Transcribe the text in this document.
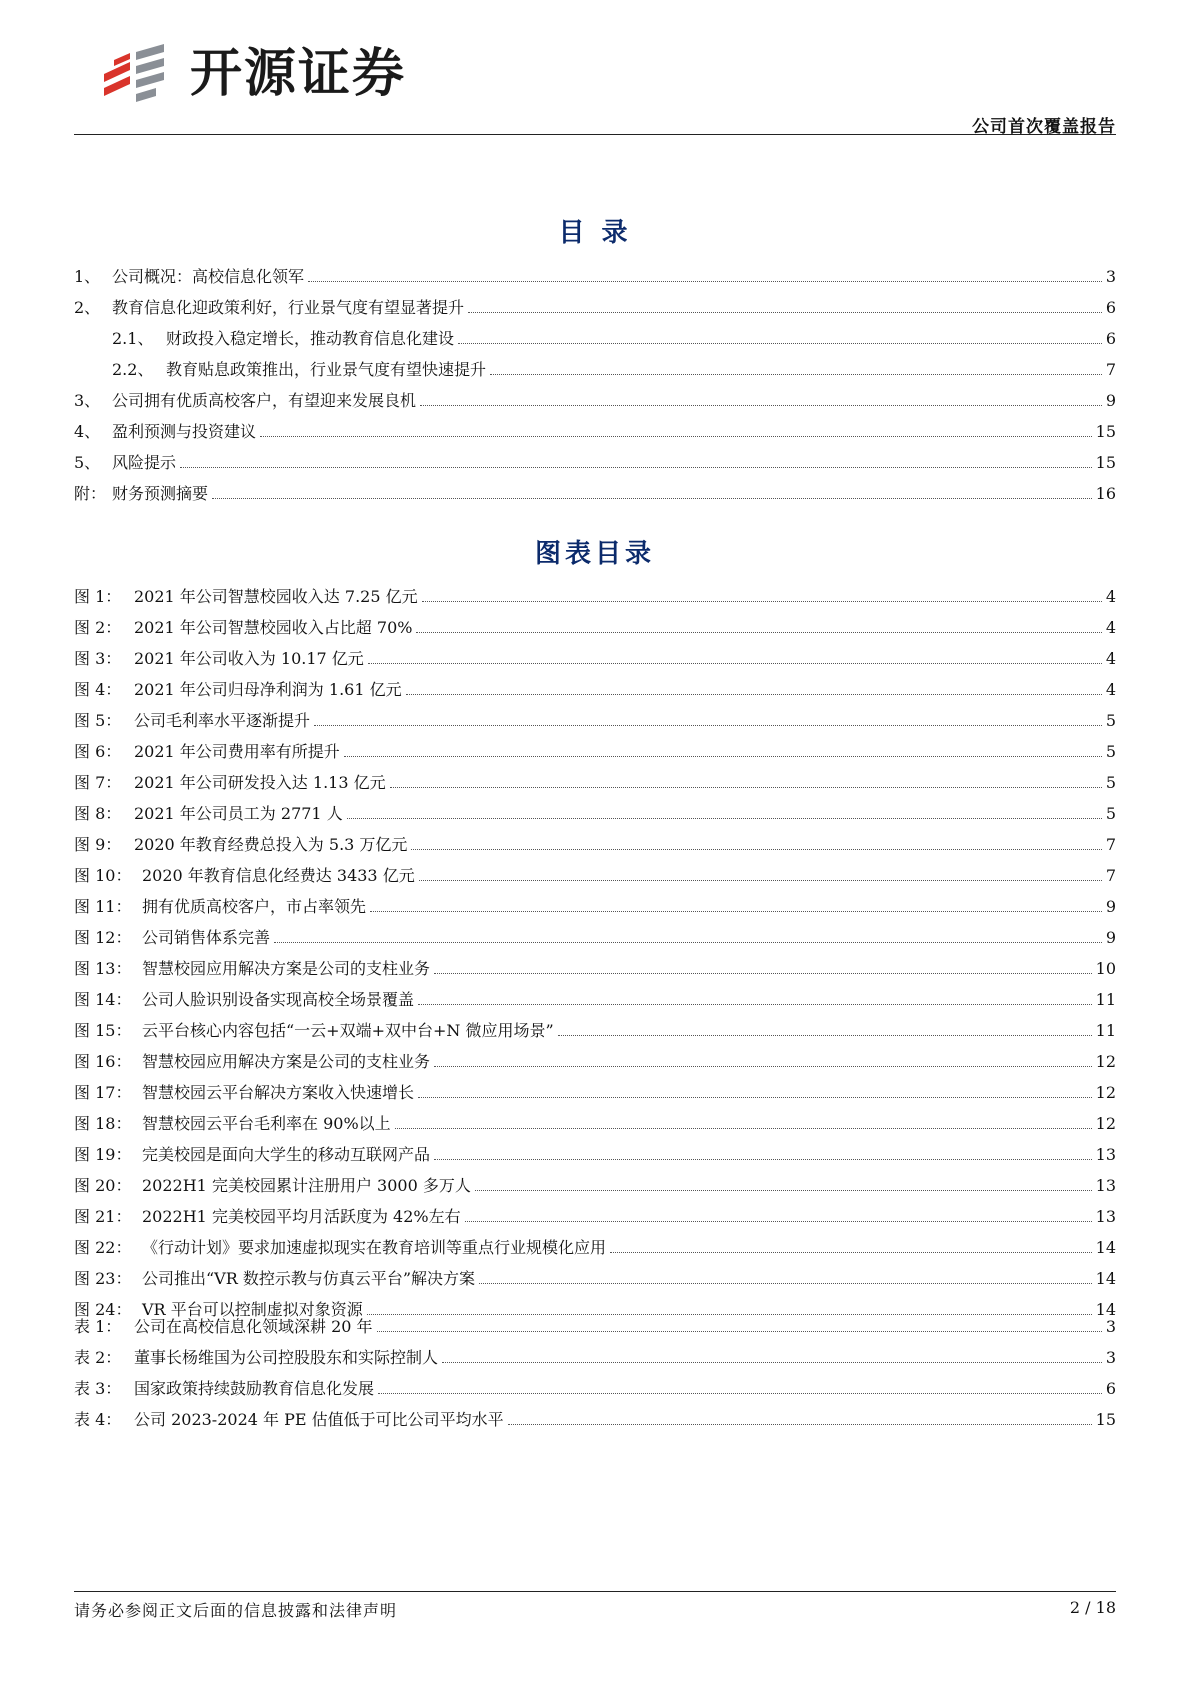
开源证券
公司首次覆盖报告
目 录
1、 公司概况：高校信息化领军	3
2、 教育信息化迎政策利好，行业景气度有望显著提升	6
2.1、 财政投入稳定增长，推动教育信息化建设	6
2.2、 教育贴息政策推出，行业景气度有望快速提升	7
3、 公司拥有优质高校客户，有望迎来发展良机	9
4、 盈利预测与投资建议	15
5、 风险提示	15
附： 财务预测摘要	16
图表目录
图 1： 2021 年公司智慧校园收入达 7.25 亿元	4
图 2： 2021 年公司智慧校园收入占比超 70%	4
图 3： 2021 年公司收入为 10.17 亿元	4
图 4： 2021 年公司归母净利润为 1.61 亿元	4
图 5： 公司毛利率水平逐渐提升	5
图 6： 2021 年公司费用率有所提升	5
图 7： 2021 年公司研发投入达 1.13 亿元	5
图 8： 2021 年公司员工为 2771 人	5
图 9： 2020 年教育经费总投入为 5.3 万亿元	7
图 10： 2020 年教育信息化经费达 3433 亿元	7
图 11： 拥有优质高校客户，市占率领先	9
图 12： 公司销售体系完善	9
图 13： 智慧校园应用解决方案是公司的支柱业务	10
图 14： 公司人脸识别设备实现高校全场景覆盖	11
图 15： 云平台核心内容包括“一云+双端+双中台+N 微应用场景”	11
图 16： 智慧校园应用解决方案是公司的支柱业务	12
图 17： 智慧校园云平台解决方案收入快速增长	12
图 18： 智慧校园云平台毛利率在 90%以上	12
图 19： 完美校园是面向大学生的移动互联网产品	13
图 20： 2022H1 完美校园累计注册用户 3000 多万人	13
图 21： 2022H1 完美校园平均月活跃度为 42%左右	13
图 22： 《行动计划》要求加速虚拟现实在教育培训等重点行业规模化应用	14
图 23： 公司推出“VR 数控示教与仿真云平台”解决方案	14
图 24： VR 平台可以控制虚拟对象资源	14
表 1： 公司在高校信息化领域深耕 20 年	3
表 2： 董事长杨维国为公司控股股东和实际控制人	3
表 3： 国家政策持续鼓励教育信息化发展	6
表 4： 公司 2023-2024 年 PE 估值低于可比公司平均水平	15
请务必参阅正文后面的信息披露和法律声明	2 / 18
